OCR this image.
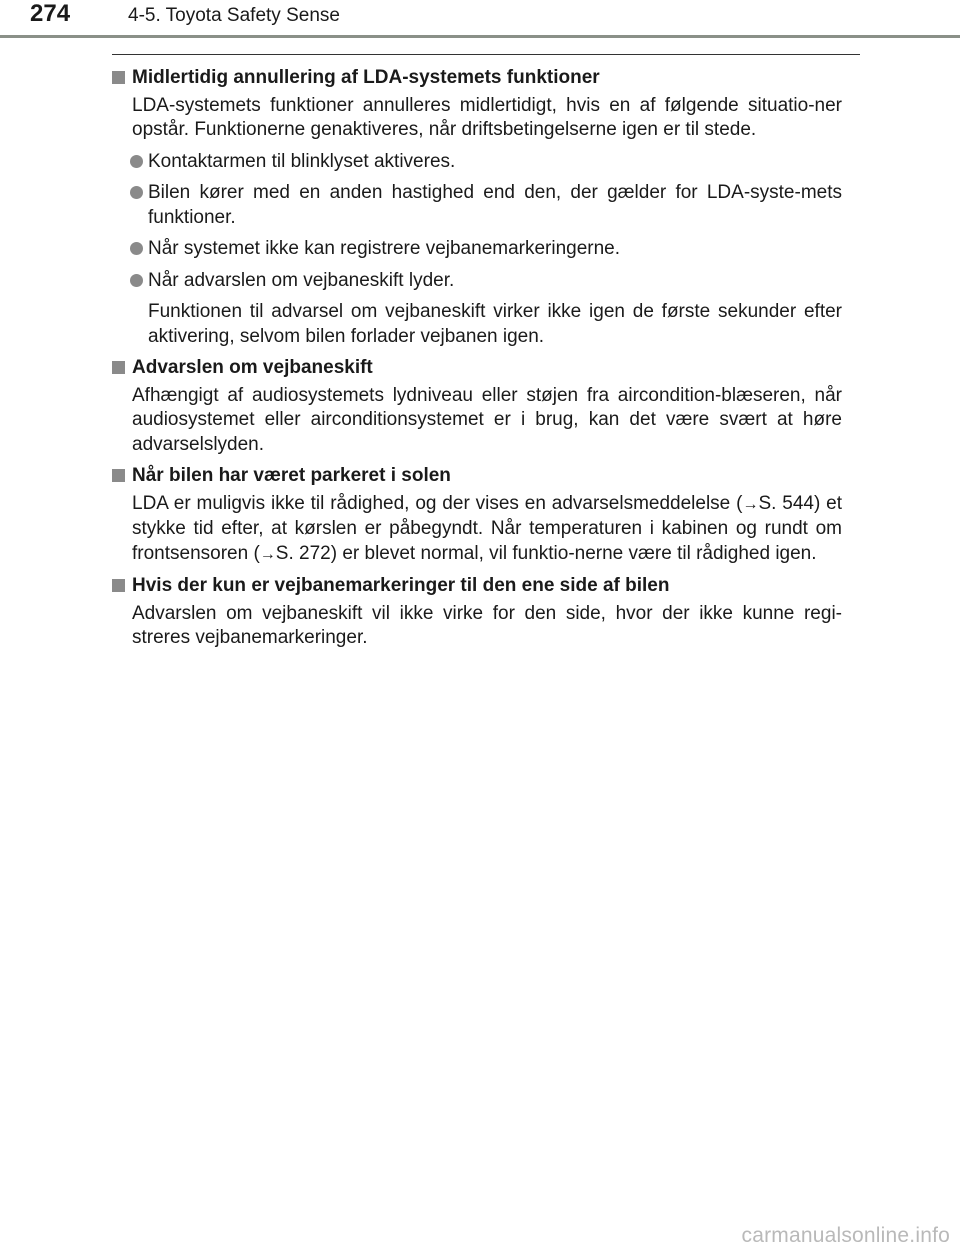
274	4-5. Toyota Safety Sense
Midlertidig annullering af LDA-systemets funktioner
LDA-systemets funktioner annulleres midlertidigt, hvis en af følgende situatio-ner opstår. Funktionerne genaktiveres, når driftsbetingelserne igen er til stede.
Kontaktarmen til blinklyset aktiveres.
Bilen kører med en anden hastighed end den, der gælder for LDA-syste-mets funktioner.
Når systemet ikke kan registrere vejbanemarkeringerne.
Når advarslen om vejbaneskift lyder.
Funktionen til advarsel om vejbaneskift virker ikke igen de første sekunder efter aktivering, selvom bilen forlader vejbanen igen.
Advarslen om vejbaneskift
Afhængigt af audiosystemets lydniveau eller støjen fra aircondition-blæseren, når audiosystemet eller airconditionsystemet er i brug, kan det være svært at høre advarselslyden.
Når bilen har været parkeret i solen
LDA er muligvis ikke til rådighed, og der vises en advarselsmeddelelse (→S. 544) et stykke tid efter, at kørslen er påbegyndt. Når temperaturen i kabinen og rundt om frontsensoren (→S. 272) er blevet normal, vil funktio-nerne være til rådighed igen.
Hvis der kun er vejbanemarkeringer til den ene side af bilen
Advarslen om vejbaneskift vil ikke virke for den side, hvor der ikke kunne regi-streres vejbanemarkeringer.
carmanualsonline.info
